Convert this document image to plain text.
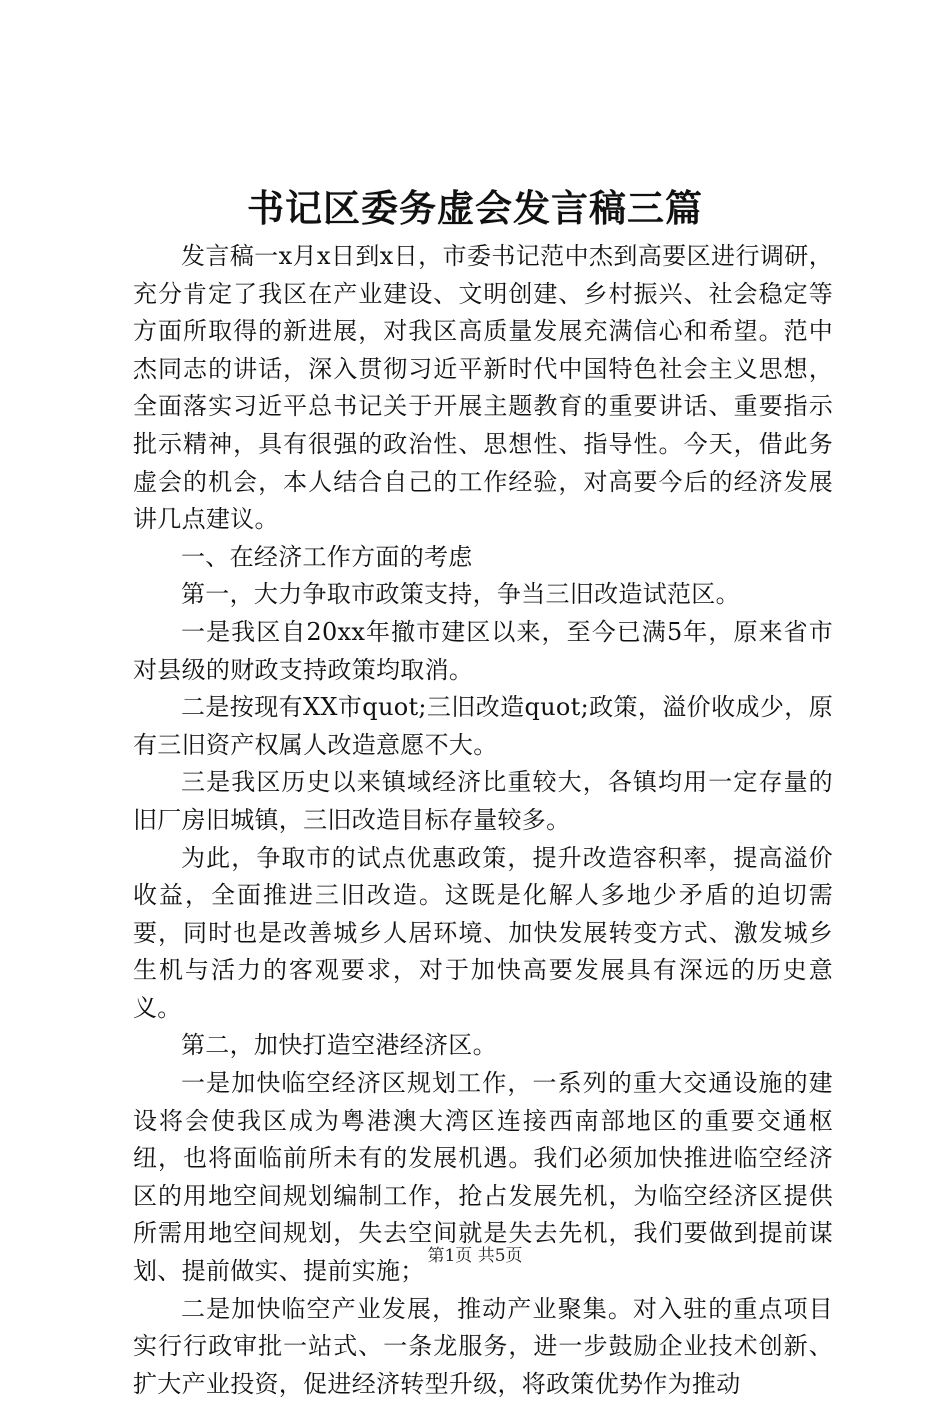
书记区委务虚会发言稿三篇

发言稿一x月x日到x日，市委书记范中杰到高要区进行调研，充分肯定了我区在产业建设、文明创建、乡村振兴、社会稳定等方面所取得的新进展，对我区高质量发展充满信心和希望。范中杰同志的讲话，深入贯彻习近平新时代中国特色社会主义思想，全面落实习近平总书记关于开展主题教育的重要讲话、重要指示批示精神，具有很强的政治性、思想性、指导性。今天，借此务虚会的机会，本人结合自己的工作经验，对高要今后的经济发展讲几点建议。

一、在经济工作方面的考虑

第一，大力争取市政策支持，争当三旧改造试范区。

一是我区自20xx年撤市建区以来，至今已满5年，原来省市对县级的财政支持政策均取消。

二是按现有XX市quot;三旧改造quot;政策，溢价收成少，原有三旧资产权属人改造意愿不大。

三是我区历史以来镇域经济比重较大，各镇均用一定存量的旧厂房旧城镇，三旧改造目标存量较多。

为此，争取市的试点优惠政策，提升改造容积率，提高溢价收益，全面推进三旧改造。这既是化解人多地少矛盾的迫切需要，同时也是改善城乡人居环境、加快发展转变方式、激发城乡生机与活力的客观要求，对于加快高要发展具有深远的历史意义。

第二，加快打造空港经济区。

一是加快临空经济区规划工作，一系列的重大交通设施的建设将会使我区成为粤港澳大湾区连接西南部地区的重要交通枢纽，也将面临前所未有的发展机遇。我们必须加快推进临空经济区的用地空间规划编制工作，抢占发展先机，为临空经济区提供所需用地空间规划，失去空间就是失去先机，我们要做到提前谋划、提前做实、提前实施；

二是加快临空产业发展，推动产业聚集。对入驻的重点项目实行行政审批一站式、一条龙服务，进一步鼓励企业技术创新、扩大产业投资，促进经济转型升级，将政策优势作为推动

第1页 共5页
